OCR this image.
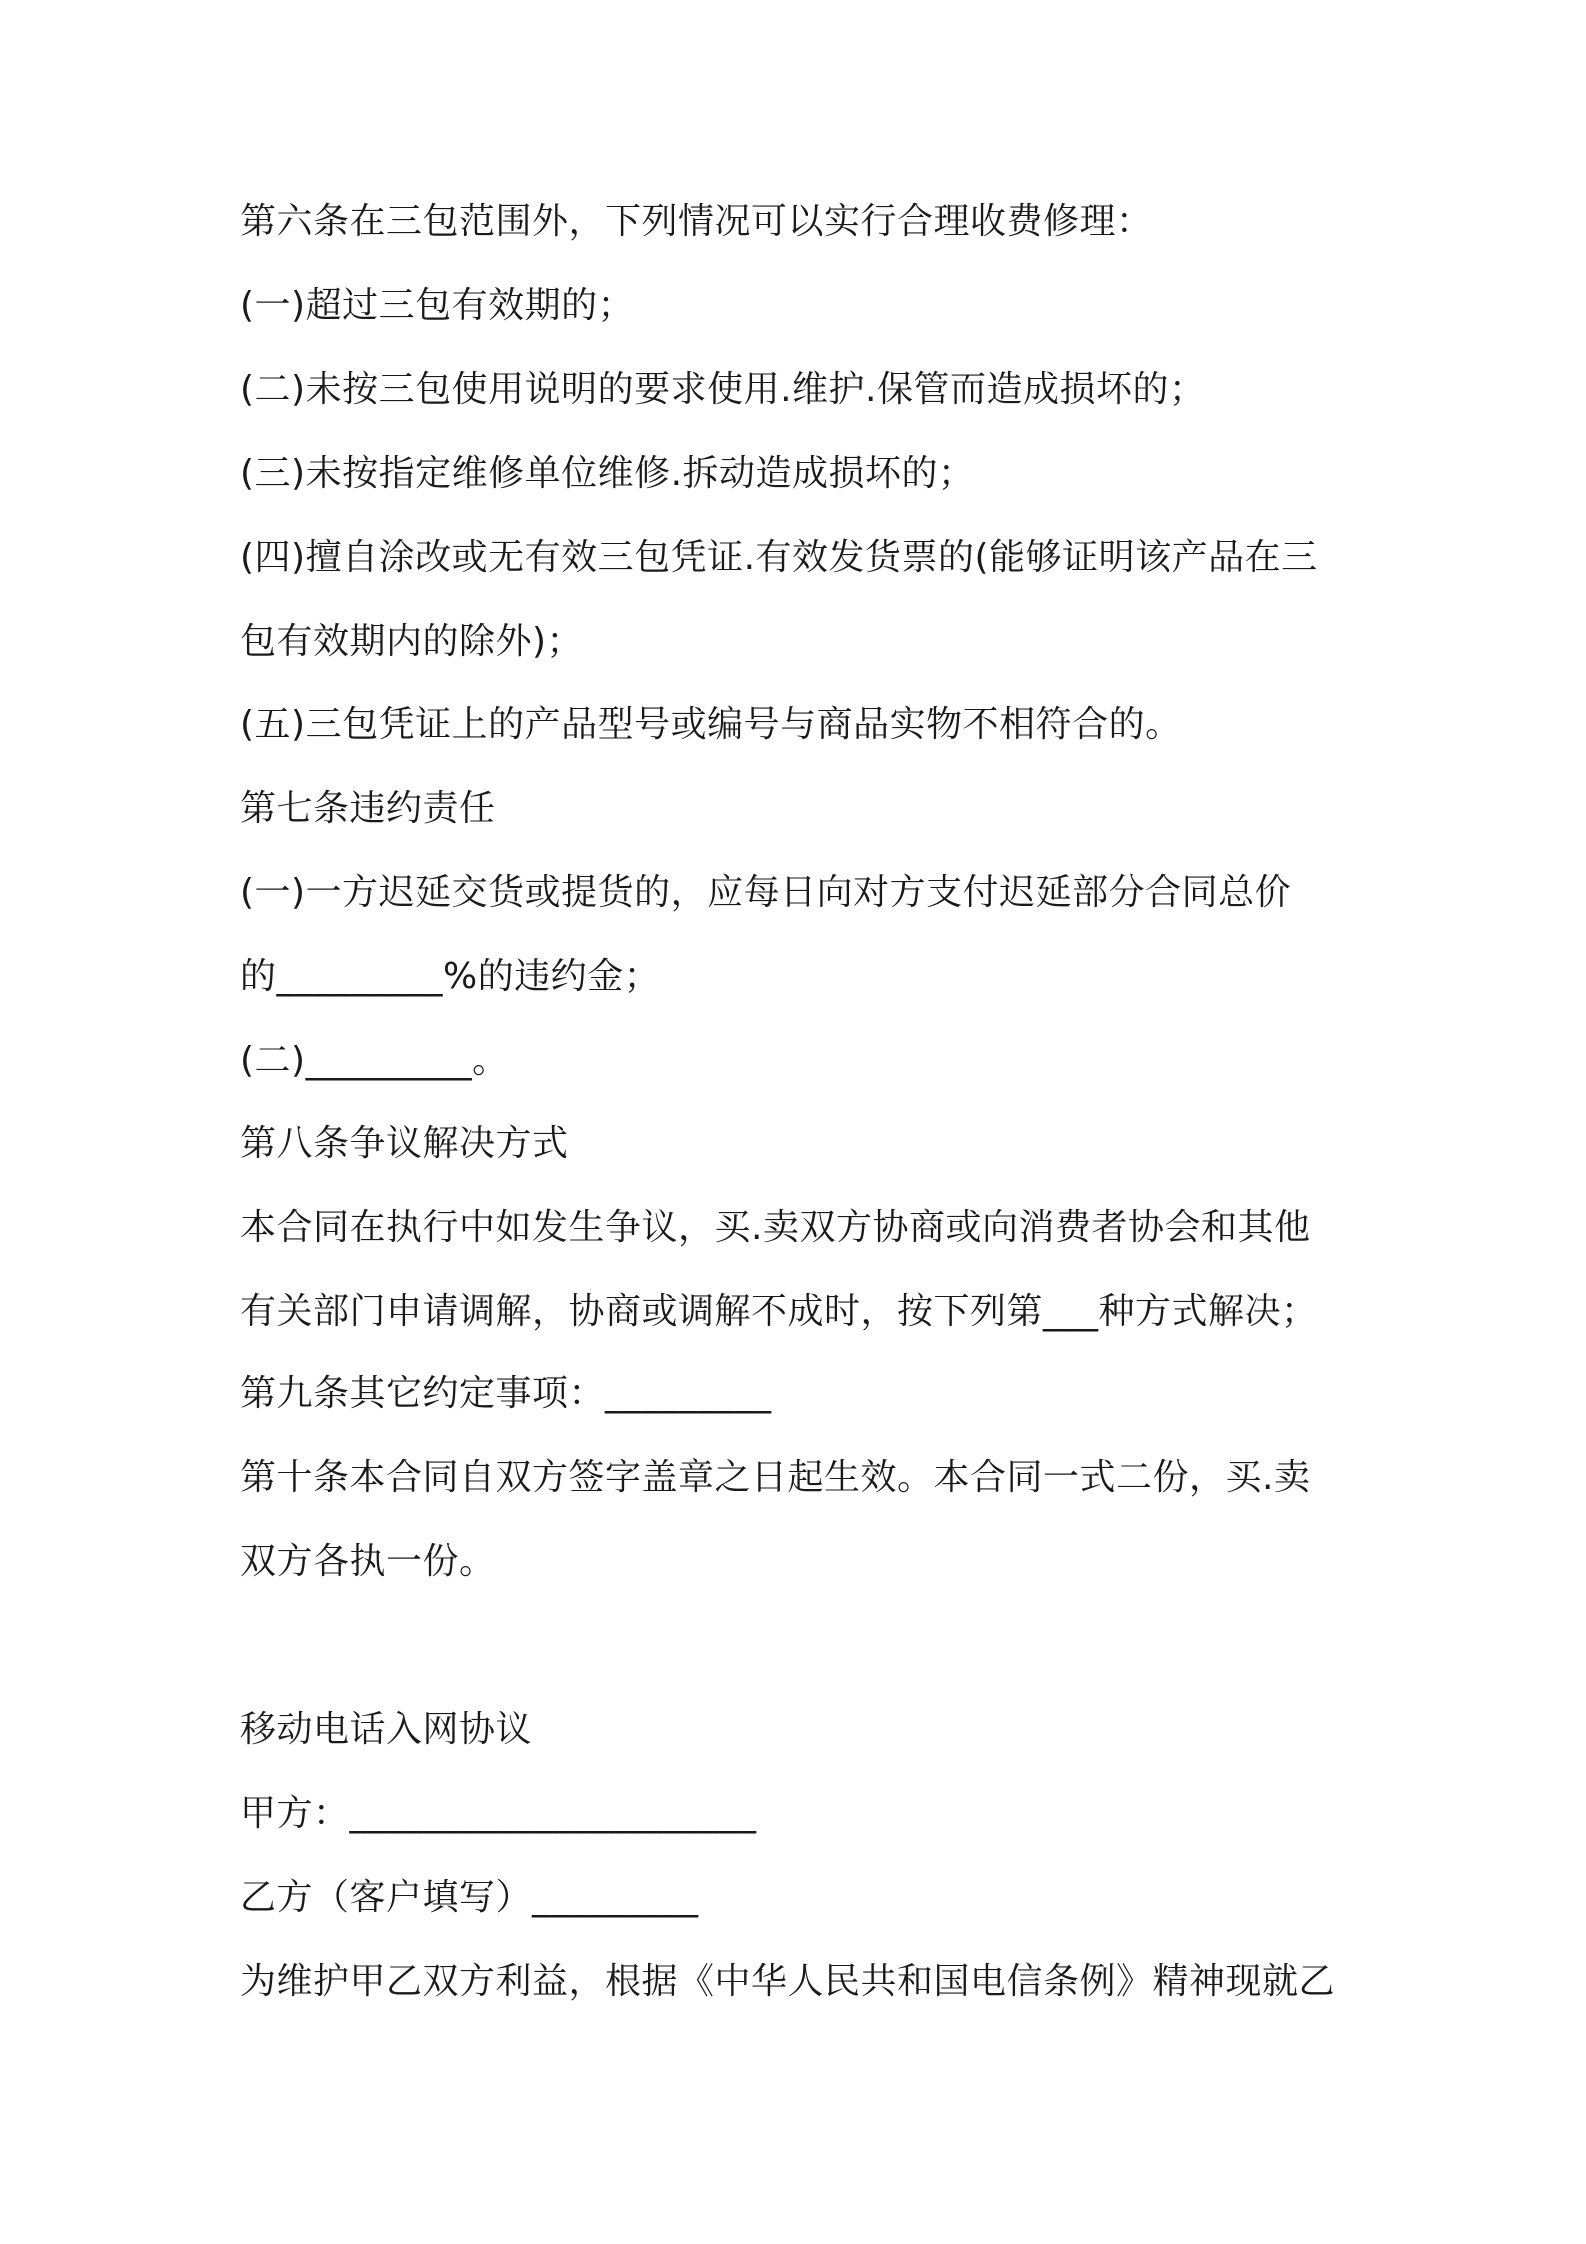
第六条在三包范围外，下列情况可以实行合理收费修理：
(一)超过三包有效期的；
(二)未按三包使用说明的要求使用.维护.保管而造成损坏的；
(三)未按指定维修单位维修.拆动造成损坏的；
(四)擅自涂改或无有效三包凭证.有效发货票的(能够证明该产品在三
包有效期内的除外)；
(五)三包凭证上的产品型号或编号与商品实物不相符合的。
第七条违约责任
(一)一方迟延交货或提货的，应每日向对方支付迟延部分合同总价
的_________%的违约金；
(二)_________。
第八条争议解决方式
本合同在执行中如发生争议，买.卖双方协商或向消费者协会和其他
有关部门申请调解，协商或调解不成时，按下列第___种方式解决；
第九条其它约定事项：_________
第十条本合同自双方签字盖章之日起生效。本合同一式二份，买.卖
双方各执一份。
移动电话入网协议
甲方：______________________
乙方（客户填写）_________
为维护甲乙双方利益，根据《中华人民共和国电信条例》精神现就乙
